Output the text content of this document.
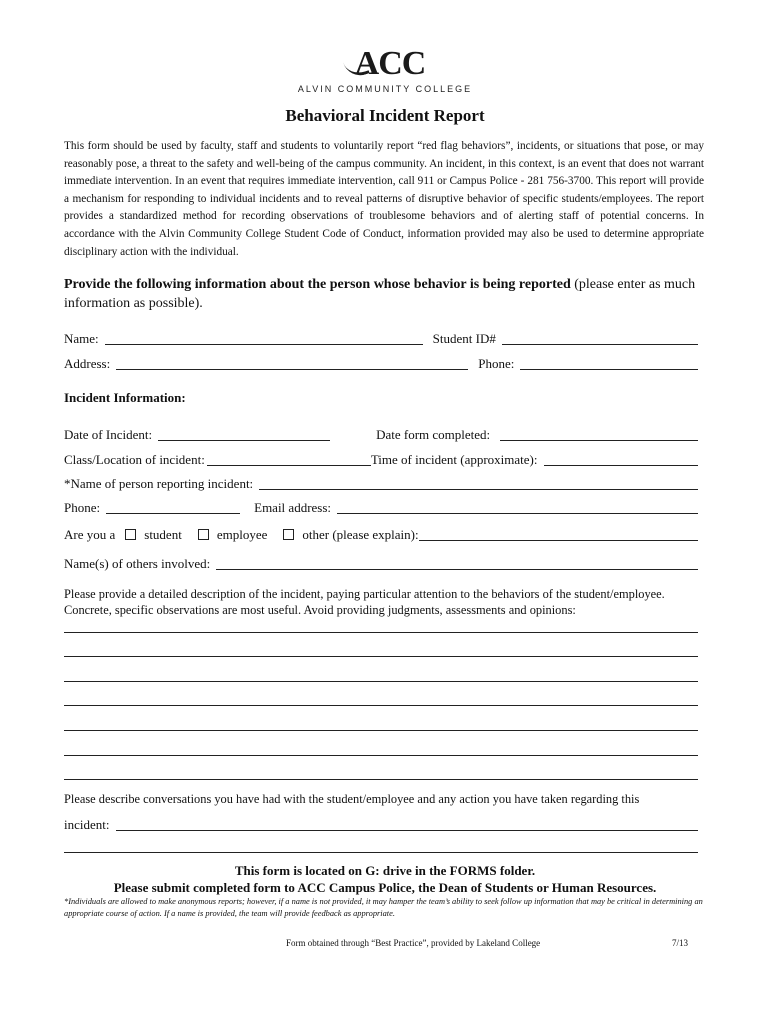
ACC
ALVIN COMMUNITY COLLEGE
Behavioral Incident Report
This form should be used by faculty, staff and students to voluntarily report “red flag behaviors”, incidents, or situations that pose, or may reasonably pose, a threat to the safety and well-being of the campus community. An incident, in this context, is an event that does not warrant immediate intervention. In an event that requires immediate intervention, call 911 or Campus Police - 281 756-3700. This report will provide a mechanism for responding to individual incidents and to reveal patterns of disruptive behavior of specific students/employees. The report provides a standardized method for recording observations of troublesome behaviors and of alerting staff of potential concerns. In accordance with the Alvin Community College Student Code of Conduct, information provided may also be used to determine appropriate disciplinary action with the individual.
Provide the following information about the person whose behavior is being reported (please enter as much information as possible).
Name:	Student ID#
Address:	Phone:
Incident Information:
Date of Incident:	Date form completed:
Class/Location of incident:	Time of incident (approximate):
*Name of person reporting incident:
Phone:	Email address:
Are you a student	employee	other (please explain):
Name(s) of others involved:
Please provide a detailed description of the incident, paying particular attention to the behaviors of the student/employee. Concrete, specific observations are most useful. Avoid providing judgments, assessments and opinions:
Please describe conversations you have had with the student/employee and any action you have taken regarding this
incident:
This form is located on G: drive in the FORMS folder.
Please submit completed form to ACC Campus Police, the Dean of Students or Human Resources.
*Individuals are allowed to make anonymous reports; however, if a name is not provided, it may hamper the team’s ability to seek follow up information that may be critical in determining an appropriate course of action. If a name is provided, the team will provide feedback as appropriate.
Form obtained through “Best Practice”, provided by Lakeland College	7/13
